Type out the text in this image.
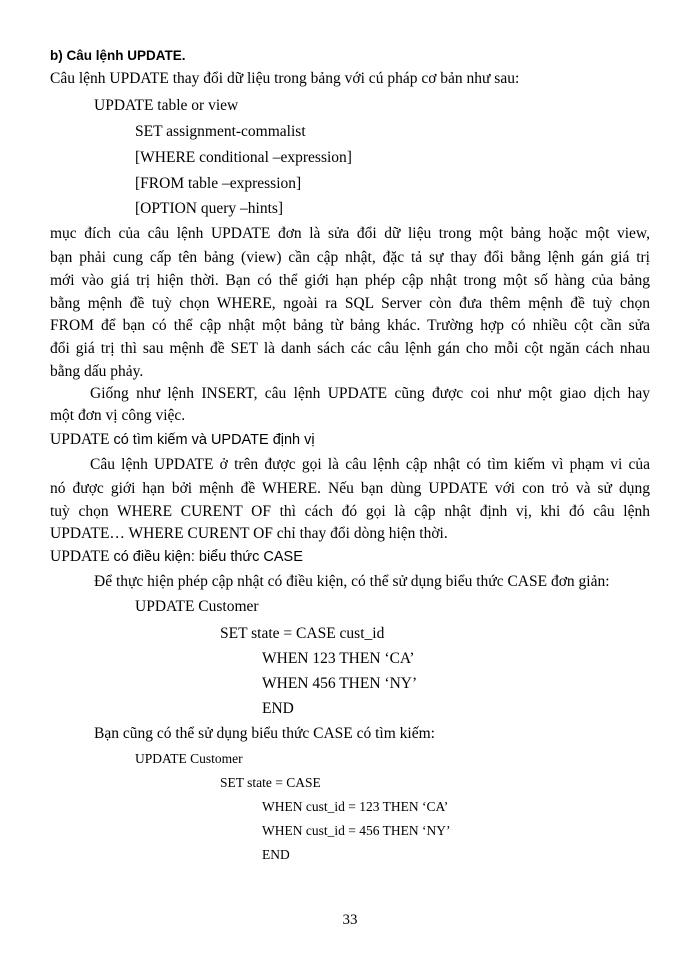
b) Câu lệnh UPDATE.
Câu lệnh UPDATE thay đổi dữ liệu trong bảng với cú pháp cơ bản như sau:
UPDATE table or view
SET assignment-commalist
[WHERE conditional –expression]
[FROM table –expression]
[OPTION query –hints]
mục đích của câu lệnh UPDATE đơn là sửa đổi dữ liệu trong một bảng hoặc một view,
bạn phải cung cấp tên bảng (view) cần cập nhật, đặc tả sự thay đổi bằng lệnh gán giá trị
mới vào giá trị hiện thời. Bạn có thể giới hạn phép cập nhật trong một số hàng của bảng
bằng mệnh đề tuỳ chọn WHERE, ngoài ra SQL Server còn đưa thêm mệnh đề tuỳ chọn
FROM để bạn có thể cập nhật một bảng từ bảng khác. Trường hợp có nhiều cột cần sửa
đổi giá trị thì sau mệnh đề SET là danh sách các câu lệnh gán cho mỗi cột ngăn cách nhau
bằng dấu phảy.
Giống như lệnh INSERT, câu lệnh UPDATE cũng được coi như một giao dịch hay
một đơn vị công việc.
UPDATE có tìm kiếm và UPDATE định vị
Câu lệnh UPDATE ở trên được gọi là câu lệnh cập nhật có tìm kiếm vì phạm vi của
nó được giới hạn bởi mệnh đề WHERE. Nếu bạn dùng UPDATE với con trỏ và sử dụng
tuỳ chọn WHERE CURENT OF thì cách đó gọi là cập nhật định vị, khi đó câu lệnh
UPDATE… WHERE CURENT OF chỉ thay đổi dòng hiện thời.
UPDATE có điều kiện: biểu thức CASE
Để thực hiện phép cập nhật có điều kiện, có thể sử dụng biểu thức CASE đơn giản:
UPDATE Customer
SET state = CASE cust_id
WHEN 123 THEN ‘CA’
WHEN 456 THEN ‘NY’
END
Bạn cũng có thể sử dụng biểu thức CASE có tìm kiếm:
UPDATE Customer
SET state = CASE
WHEN cust_id = 123 THEN ‘CA’
WHEN cust_id = 456 THEN ‘NY’
END
33
